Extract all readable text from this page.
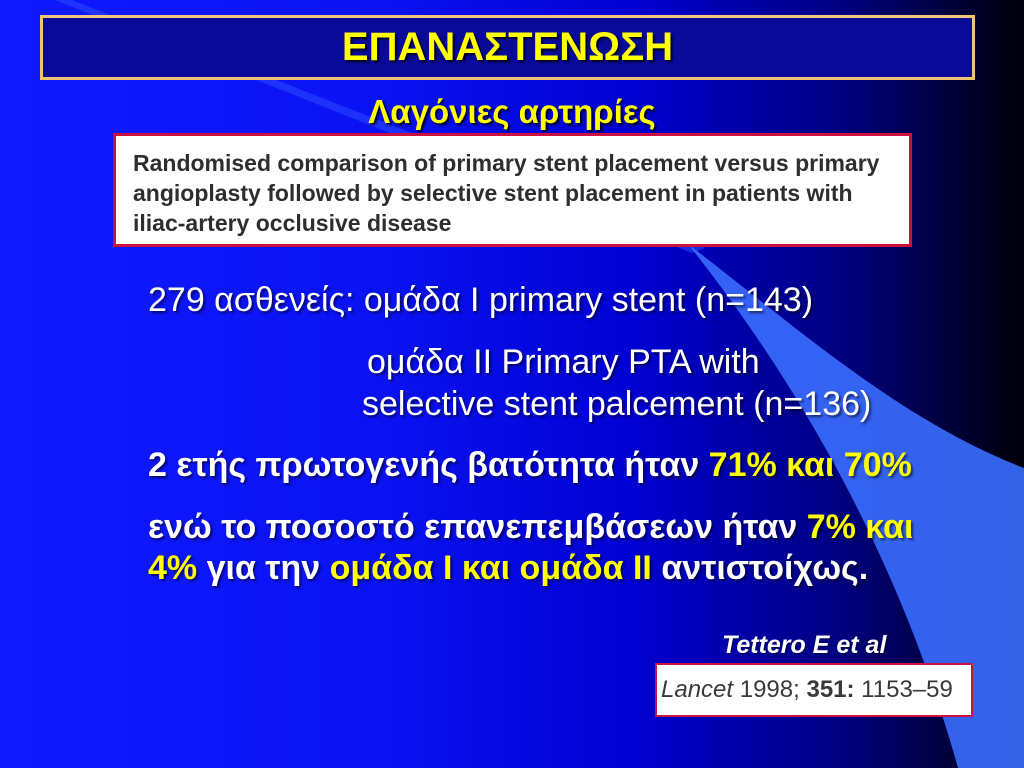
ΕΠΑΝΑΣΤΕΝΩΣΗ
Λαγόνιες αρτηρίες
Randomised comparison of primary stent placement versus primary
angioplasty followed by selective stent placement in patients with
iliac-artery occlusive disease
279 ασθενείς: ομάδα I primary stent (n=143)
ομάδα II Primary PTA with
selective stent palcement (n=136)
2 ετής πρωτογενής βατότητα ήταν 71% και 70%
ενώ το ποσοστό επανεπεμβάσεων ήταν 7% και
4% για την ομάδα I και ομάδα II αντιστοίχως.
Tettero E et al
Lancet 1998; 351: 1153–59
